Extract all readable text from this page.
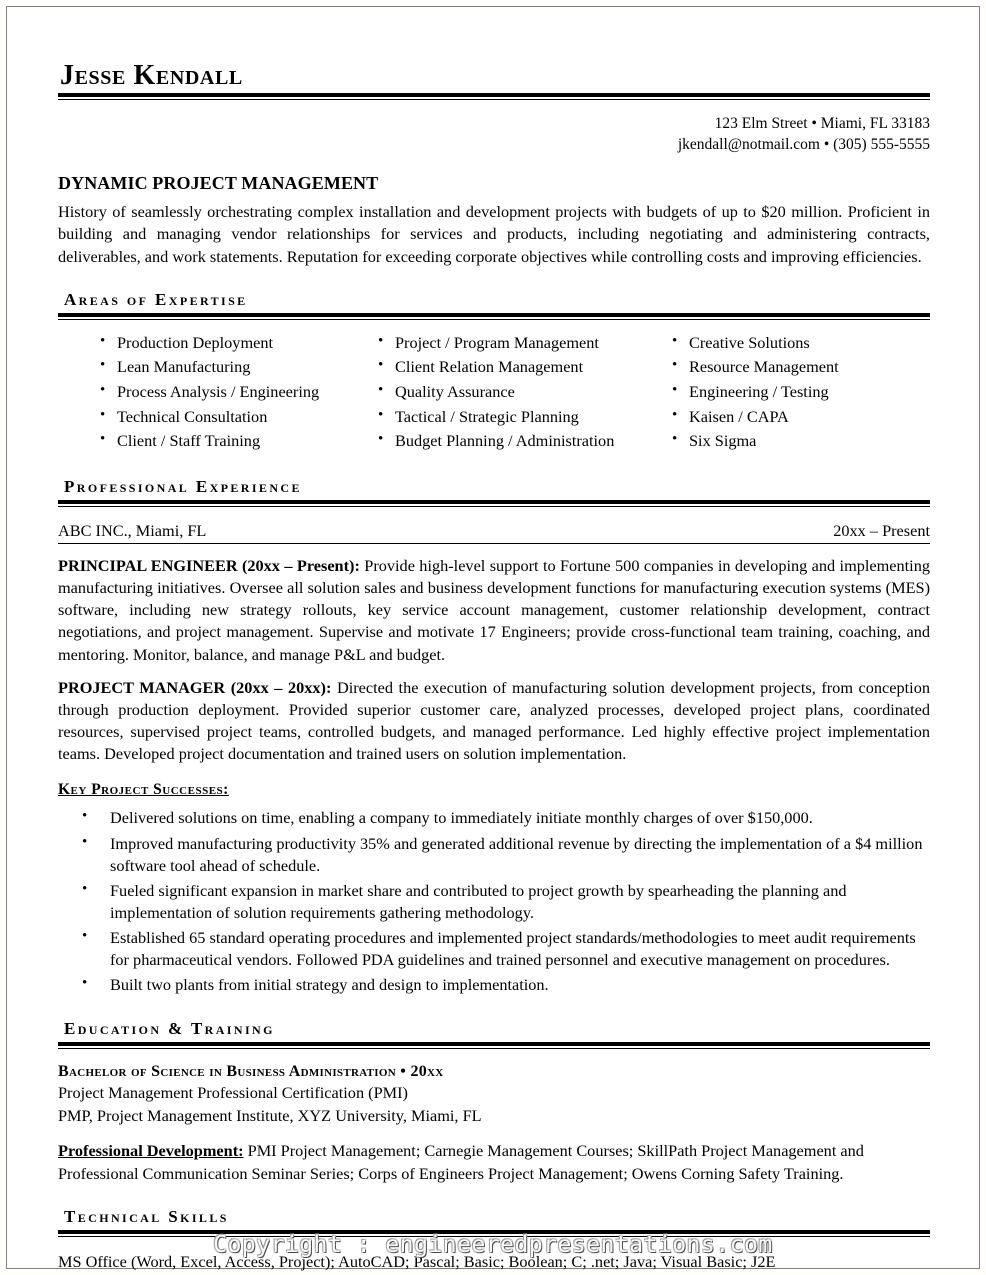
Jesse Kendall
123 Elm Street • Miami, FL 33183
jkendall@notmail.com • (305) 555-5555
DYNAMIC PROJECT MANAGEMENT
History of seamlessly orchestrating complex installation and development projects with budgets of up to $20 million. Proficient in building and managing vendor relationships for services and products, including negotiating and administering contracts, deliverables, and work statements. Reputation for exceeding corporate objectives while controlling costs and improving efficiencies.
Areas of Expertise
• Production Deployment
• Lean Manufacturing
• Process Analysis / Engineering
• Technical Consultation
• Client / Staff Training
• Project / Program Management
• Client Relation Management
• Quality Assurance
• Tactical / Strategic Planning
• Budget Planning / Administration
• Creative Solutions
• Resource Management
• Engineering / Testing
• Kaisen / CAPA
• Six Sigma
Professional Experience
ABC INC., Miami, FL	20xx – Present

PRINCIPAL ENGINEER (20xx – Present): Provide high-level support to Fortune 500 companies in developing and implementing manufacturing initiatives. Oversee all solution sales and business development functions for manufacturing execution systems (MES) software, including new strategy rollouts, key service account management, customer relationship development, contract negotiations, and project management. Supervise and motivate 17 Engineers; provide cross-functional team training, coaching, and mentoring. Monitor, balance, and manage P&L and budget.

PROJECT MANAGER (20xx – 20xx): Directed the execution of manufacturing solution development projects, from conception through production deployment. Provided superior customer care, analyzed processes, developed project plans, coordinated resources, supervised project teams, controlled budgets, and managed performance. Led highly effective project implementation teams. Developed project documentation and trained users on solution implementation.

Key Project Successes:
• Delivered solutions on time, enabling a company to immediately initiate monthly charges of over $150,000.
• Improved manufacturing productivity 35% and generated additional revenue by directing the implementation of a $4 million software tool ahead of schedule.
• Fueled significant expansion in market share and contributed to project growth by spearheading the planning and implementation of solution requirements gathering methodology.
• Established 65 standard operating procedures and implemented project standards/methodologies to meet audit requirements for pharmaceutical vendors. Followed PDA guidelines and trained personnel and executive management on procedures.
• Built two plants from initial strategy and design to implementation.
Education & Training
Bachelor of Science in Business Administration • 20xx
Project Management Professional Certification (PMI)
PMP, Project Management Institute, XYZ University, Miami, FL
Professional Development: PMI Project Management; Carnegie Management Courses; SkillPath Project Management and Professional Communication Seminar Series; Corps of Engineers Project Management; Owens Corning Safety Training.
Technical Skills
MS Office (Word, Excel, Access, Project); AutoCAD; Pascal; Basic; Boolean; C; .net; Java; Visual Basic; J2E
Copyright : engineeredpresentations.com
